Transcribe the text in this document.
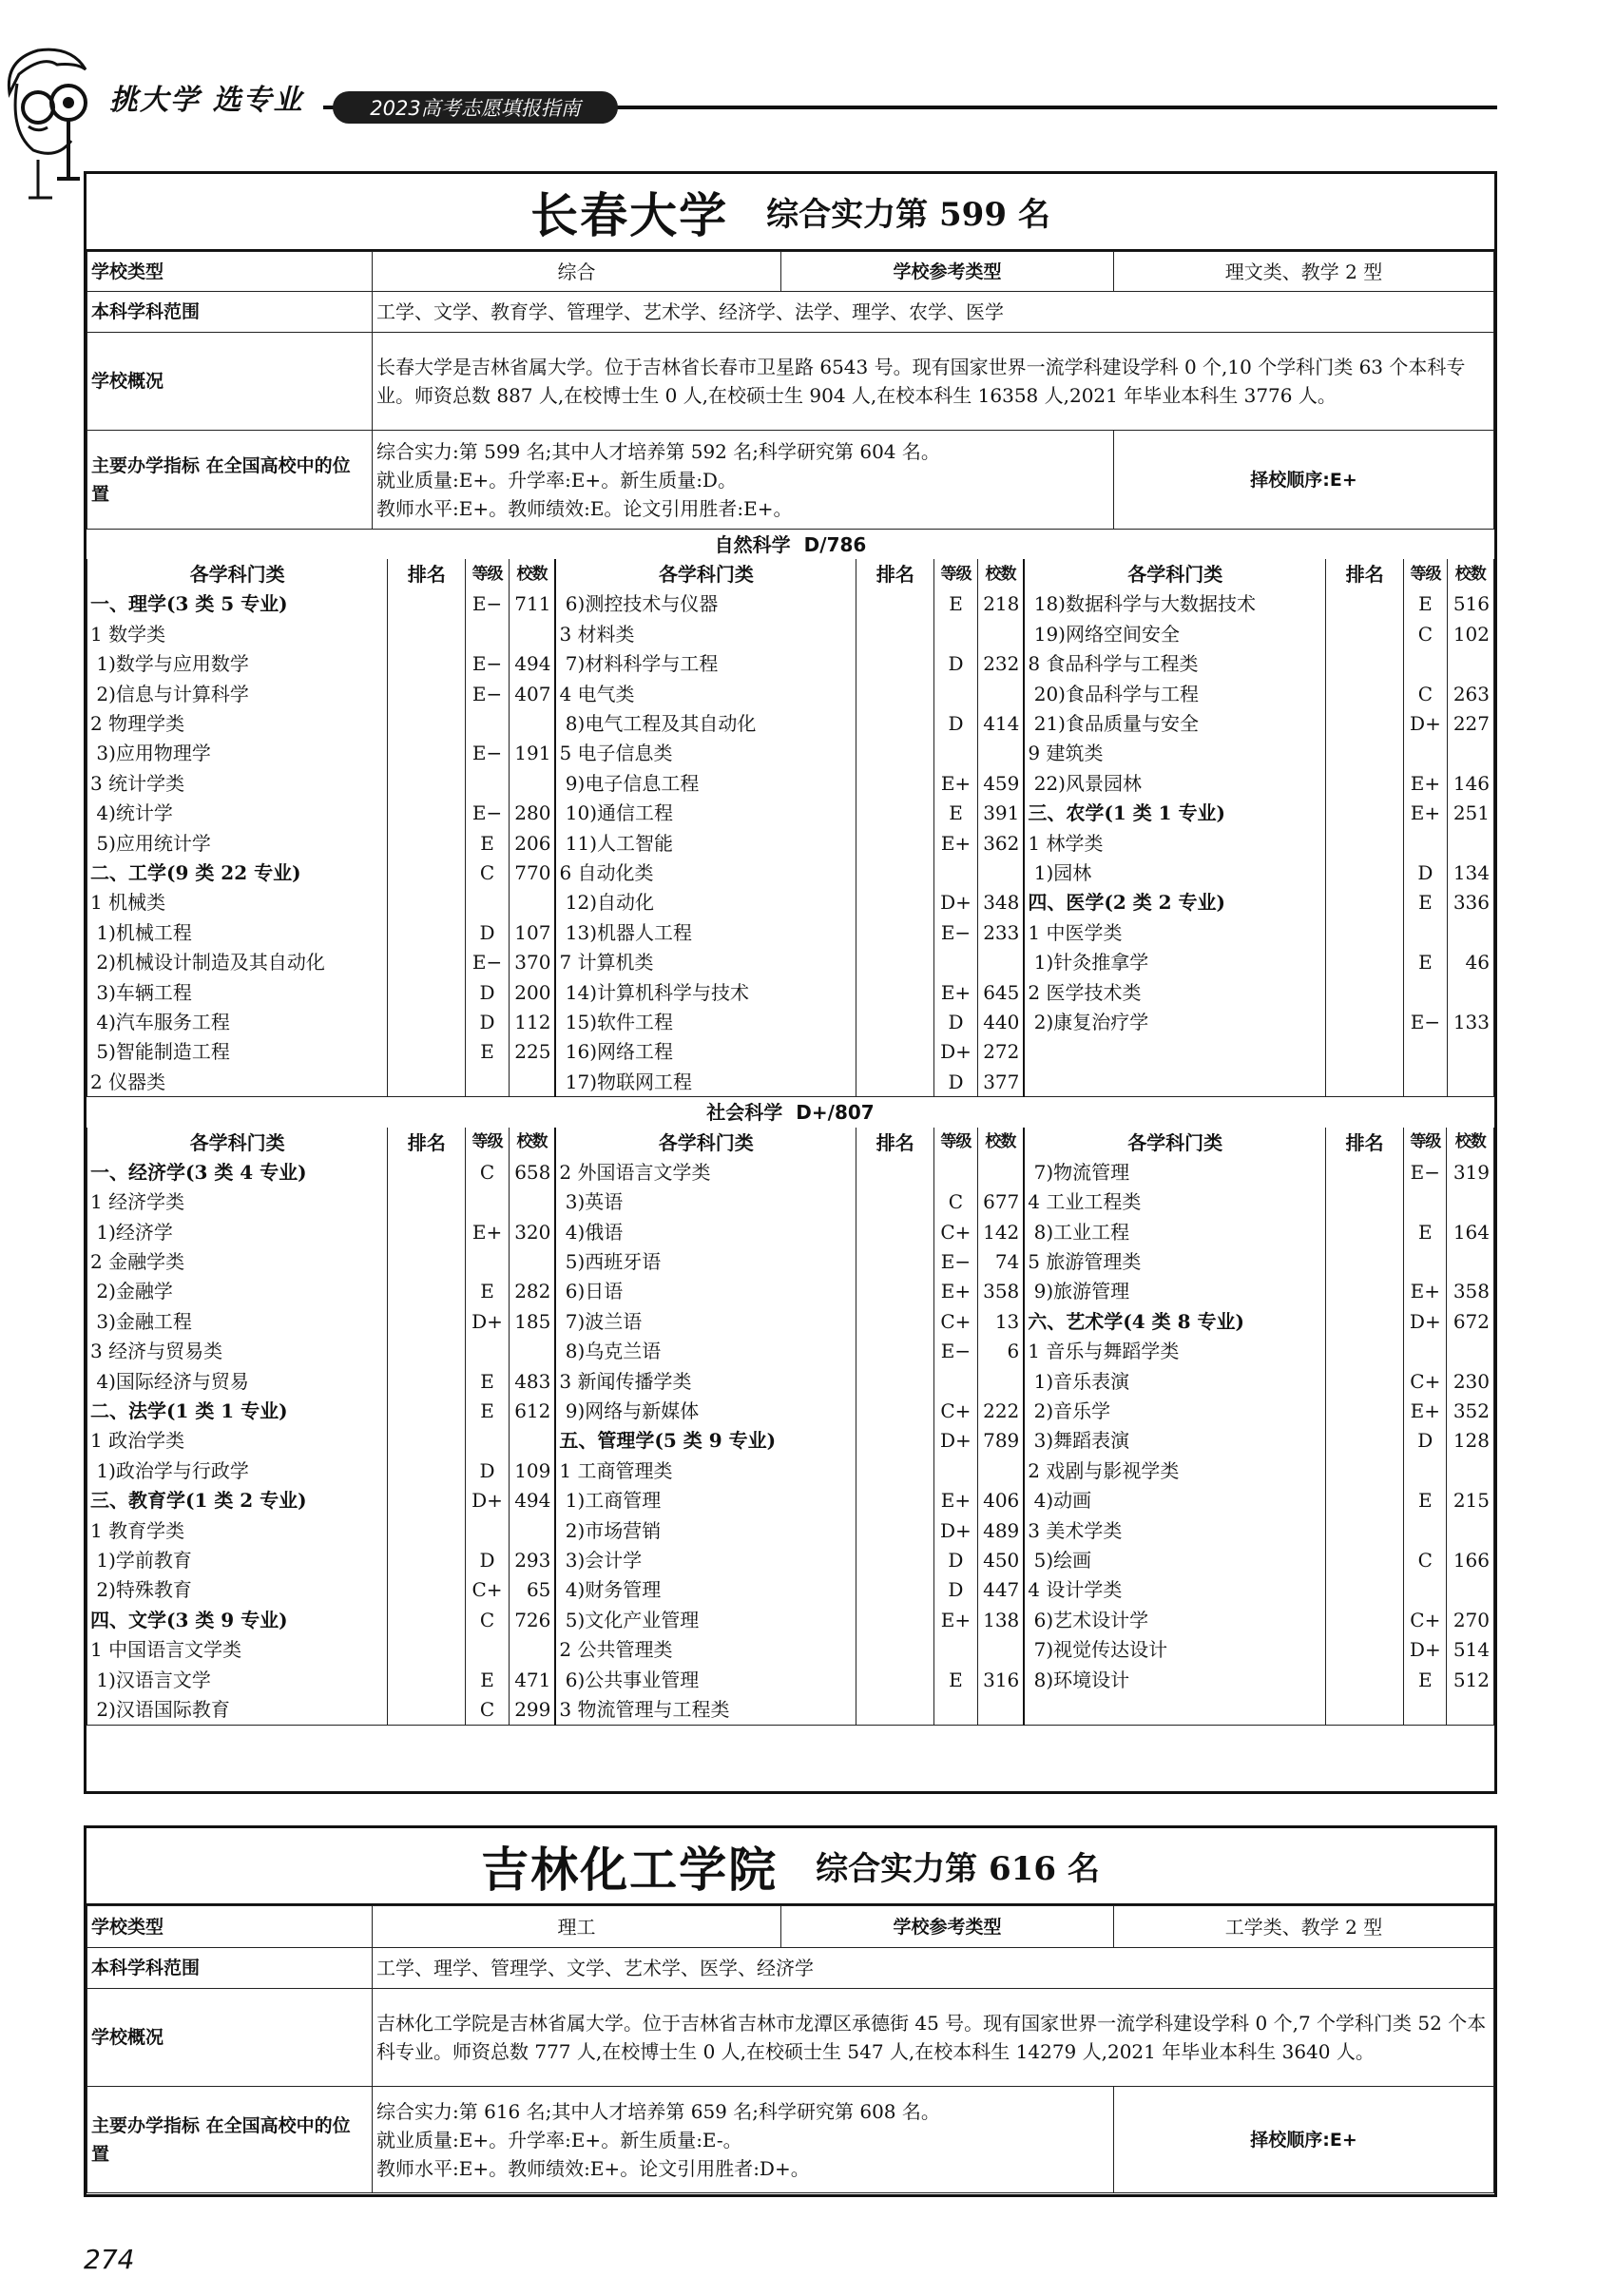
挑大学 选专业	2023高考志愿填报指南
长春大学 综合实力第 599 名
学校类型	综合	学校参考类型	理文类、教学 2 型
本科学科范围	工学、文学、教育学、管理学、艺术学、经济学、法学、理学、农学、医学		
学校概况	长春大学是吉林省属大学。位于吉林省长春市卫星路 6543 号。现有国家世界一流学科建设学科 0 个,10 个学科门类 63 个本科专业。师资总数 887 人,在校博士生 0 人,在校硕士生 904 人,在校本科生 16358 人,2021 年毕业本科生 3776 人。		
主要办学指标 在全国高校中的位置	综合实力:第 599 名;其中人才培养第 592 名;科学研究第 604 名。
就业质量:E+。升学率:E+。新生质量:D。
教师水平:E+。教师绩效:E。论文引用胜者:E+。		择校顺序:E+
自然科学 D/786											
各学科门类	排名	等级	校数	各学科门类	排名	等级	校数	各学科门类	排名	等级	校数
一、理学(3 类 5 专业)		E−	711	6)测控技术与仪器		E	218	18)数据科学与大数据技术		E	516
1 数学类				3 材料类				19)网络空间安全		C	102
1)数学与应用数学		E−	494	7)材料科学与工程		D	232	8 食品科学与工程类			
2)信息与计算科学		E−	407	4 电气类				20)食品科学与工程		C	263
2 物理学类				8)电气工程及其自动化		D	414	21)食品质量与安全		D+	227
3)应用物理学		E−	191	5 电子信息类				9 建筑类			
3 统计学类				9)电子信息工程		E+	459	22)风景园林		E+	146
4)统计学		E−	280	10)通信工程		E	391	三、农学(1 类 1 专业)		E+	251
5)应用统计学		E	206	11)人工智能		E+	362	1 林学类			
二、工学(9 类 22 专业)		C	770	6 自动化类				1)园林		D	134
1 机械类				12)自动化		D+	348	四、医学(2 类 2 专业)		E	336
1)机械工程		D	107	13)机器人工程		E−	233	1 中医学类			
2)机械设计制造及其自动化		E−	370	7 计算机类				1)针灸推拿学		E	46
3)车辆工程		D	200	14)计算机科学与技术		E+	645	2 医学技术类			
4)汽车服务工程		D	112	15)软件工程		D	440	2)康复治疗学		E−	133
5)智能制造工程		E	225	16)网络工程		D+	272				
2 仪器类				17)物联网工程		D	377				
社会科学 D+/807											
各学科门类	排名	等级	校数	各学科门类	排名	等级	校数	各学科门类	排名	等级	校数
一、经济学(3 类 4 专业)		C	658	2 外国语言文学类				7)物流管理		E−	319
1 经济学类				3)英语		C	677	4 工业工程类			
1)经济学		E+	320	4)俄语		C+	142	8)工业工程		E	164
2 金融学类				5)西班牙语		E−	74	5 旅游管理类			
2)金融学		E	282	6)日语		E+	358	9)旅游管理		E+	358
3)金融工程		D+	185	7)波兰语		C+	13	六、艺术学(4 类 8 专业)		D+	672
3 经济与贸易类				8)乌克兰语		E−	6	1 音乐与舞蹈学类			
4)国际经济与贸易		E	483	3 新闻传播学类				1)音乐表演		C+	230
二、法学(1 类 1 专业)		E	612	9)网络与新媒体		C+	222	2)音乐学		E+	352
1 政治学类				五、管理学(5 类 9 专业)		D+	789	3)舞蹈表演		D	128
1)政治学与行政学		D	109	1 工商管理类				2 戏剧与影视学类			
三、教育学(1 类 2 专业)		D+	494	1)工商管理		E+	406	4)动画		E	215
1 教育学类				2)市场营销		D+	489	3 美术学类			
1)学前教育		D	293	3)会计学		D	450	5)绘画		C	166
2)特殊教育		C+	65	4)财务管理		D	447	4 设计学类			
四、文学(3 类 9 专业)		C	726	5)文化产业管理		E+	138	6)艺术设计学		C+	270
1 中国语言文学类				2 公共管理类				7)视觉传达设计		D+	514
1)汉语言文学		E	471	6)公共事业管理		E	316	8)环境设计		E	512
2)汉语国际教育		C	299	3 物流管理与工程类							
吉林化工学院 综合实力第 616 名
学校类型	理工	学校参考类型	工学类、教学 2 型
本科学科范围	工学、理学、管理学、文学、艺术学、医学、经济学		
学校概况	吉林化工学院是吉林省属大学。位于吉林省吉林市龙潭区承德街 45 号。现有国家世界一流学科建设学科 0 个,7 个学科门类 52 个本科专业。师资总数 777 人,在校博士生 0 人,在校硕士生 547 人,在校本科生 14279 人,2021 年毕业本科生 3640 人。		
主要办学指标 在全国高校中的位置	综合实力:第 616 名;其中人才培养第 659 名;科学研究第 608 名。
就业质量:E+。升学率:E+。新生质量:E-。
教师水平:E+。教师绩效:E+。论文引用胜者:D+。		择校顺序:E+
274
